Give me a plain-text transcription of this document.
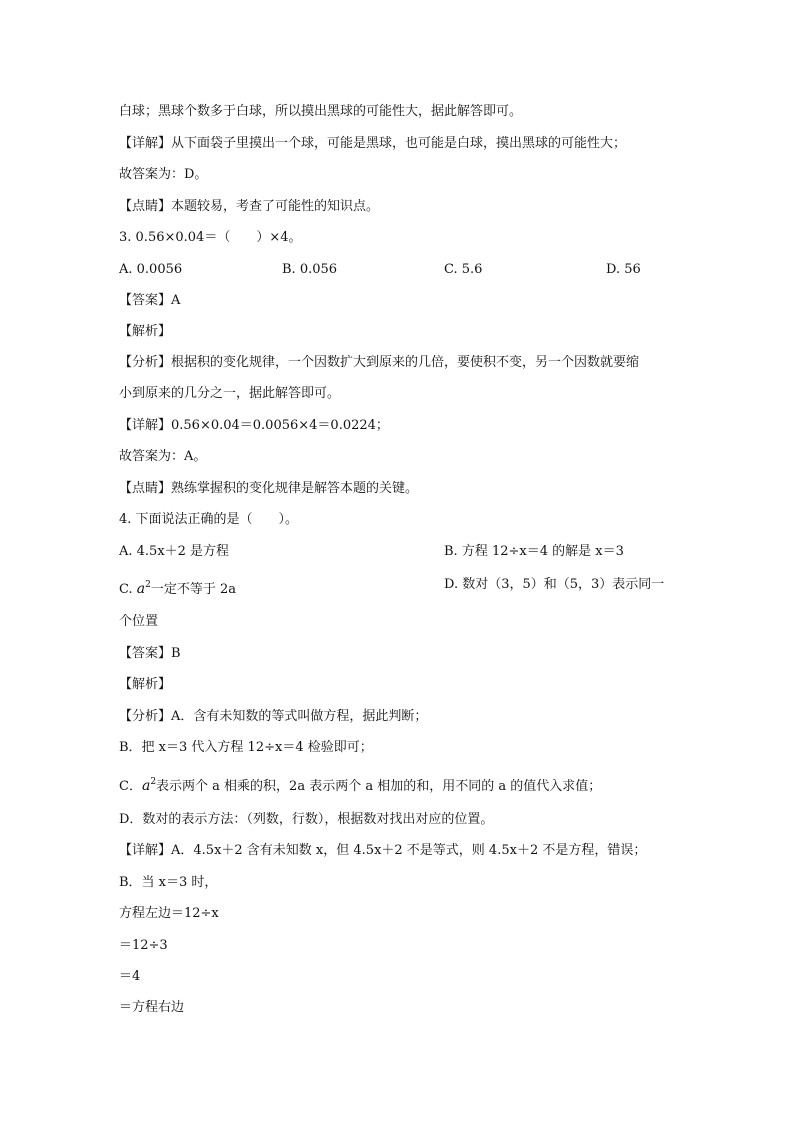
白球；黑球个数多于白球，所以摸出黑球的可能性大，据此解答即可。
【详解】从下面袋子里摸出一个球，可能是黑球，也可能是白球，摸出黑球的可能性大；
故答案为：D。
【点睛】本题较易，考查了可能性的知识点。
3. 0.56×0.04＝（　　）×4。
A. 0.0056	B. 0.056	C. 5.6	D. 56
【答案】A
【解析】
【分析】根据积的变化规律，一个因数扩大到原来的几倍，要使积不变，另一个因数就要缩
小到原来的几分之一，据此解答即可。
【详解】0.56×0.04＝0.0056×4＝0.0224；
故答案为：A。
【点睛】熟练掌握积的变化规律是解答本题的关键。
4. 下面说法正确的是（　　）。
A. 4.5x＋2 是方程	B. 方程 12÷x＝4 的解是 x＝3
C. $a^2$一定不等于 2a	D. 数对（3，5）和（5，3）表示同一
个位置
【答案】B
【解析】
【分析】A．含有未知数的等式叫做方程，据此判断；
B．把 x＝3 代入方程 12÷x＝4 检验即可；
C．$a^2$表示两个 a 相乘的积，2a 表示两个 a 相加的和，用不同的 a 的值代入求值；
D．数对的表示方法：（列数，行数），根据数对找出对应的位置。
【详解】A．4.5x＋2 含有未知数 x，但 4.5x＋2 不是等式，则 4.5x＋2 不是方程，错误；
B．当 x＝3 时，
方程左边＝12÷x
＝12÷3
＝4
＝方程右边
